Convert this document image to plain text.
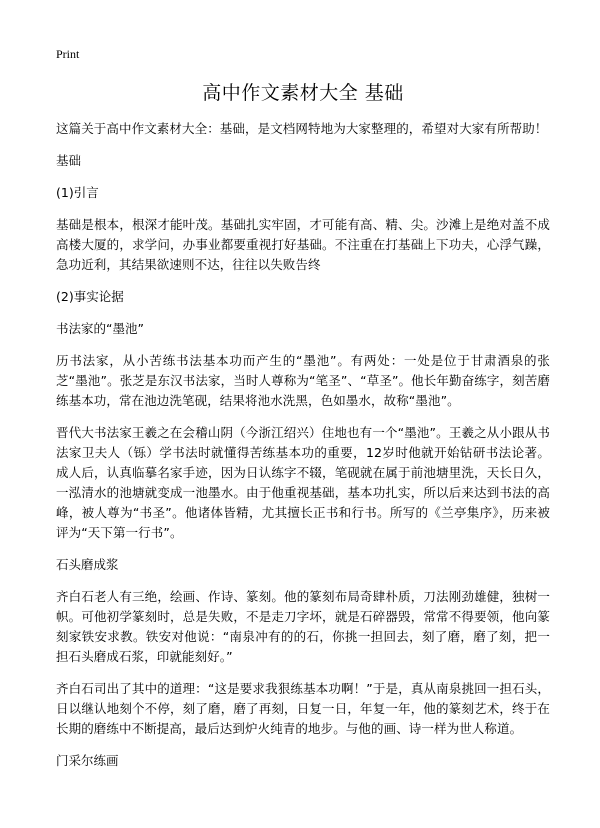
Print
高中作文素材大全 基础

这篇关于高中作文素材大全：基础，是文档网特地为大家整理的，希望对大家有所帮助！

基础
(1)引言

基础是根本，根深才能叶茂。基础扎实牢固，才可能有高、精、尖。沙滩上是绝对盖不成高楼大厦的，求学问，办事业都要重视打好基础。不注重在打基础上下功夫，心浮气躁，急功近利，其结果欲速则不达，往往以失败告终

(2)事实论据
书法家的“墨池”

历书法家，从小苦练书法基本功而产生的“墨池”。有两处：一处是位于甘肃酒泉的张芝“墨池”。张芝是东汉书法家，当时人尊称为“笔圣”、“草圣”。他长年勤奋练字，刻苦磨练基本功，常在池边洗笔砚，结果将池水洗黑，色如墨水，故称“墨池”。

晋代大书法家王羲之在会稽山阴（今浙江绍兴）住地也有一个“墨池”。王羲之从小跟从书法家卫夫人（铄）学书法时就懂得苦练基本功的重要，12岁时他就开始钻研书法论著。成人后，认真临摹名家手迹，因为日认练字不辍，笔砚就在属于前池塘里洗，天长日久，一泓清水的池塘就变成一池墨水。由于他重视基础，基本功扎实，所以后来达到书法的高峰，被人尊为“书圣”。他诸体皆精，尤其擅长正书和行书。所写的《兰亭集序》，历来被评为“天下第一行书”。

石头磨成浆

齐白石老人有三绝，绘画、作诗、篆刻。他的篆刻布局奇肆朴质，刀法刚劲雄健，独树一帜。可他初学篆刻时，总是失败，不是走刀字坏，就是石碎器毁，常常不得要领，他向篆刻家铁安求教。铁安对他说：“南泉冲有的的石，你挑一担回去，刻了磨，磨了刻，把一担石头磨成石浆，印就能刻好。”

齐白石司出了其中的道理：“这是要求我狠练基本功啊！”于是，真从南泉挑回一担石头，日以继认地刻个不停，刻了磨，磨了再刻，日复一日，年复一年，他的篆刻艺术，终于在长期的磨练中不断提高，最后达到炉火纯青的地步。与他的画、诗一样为世人称道。

门采尔练画
